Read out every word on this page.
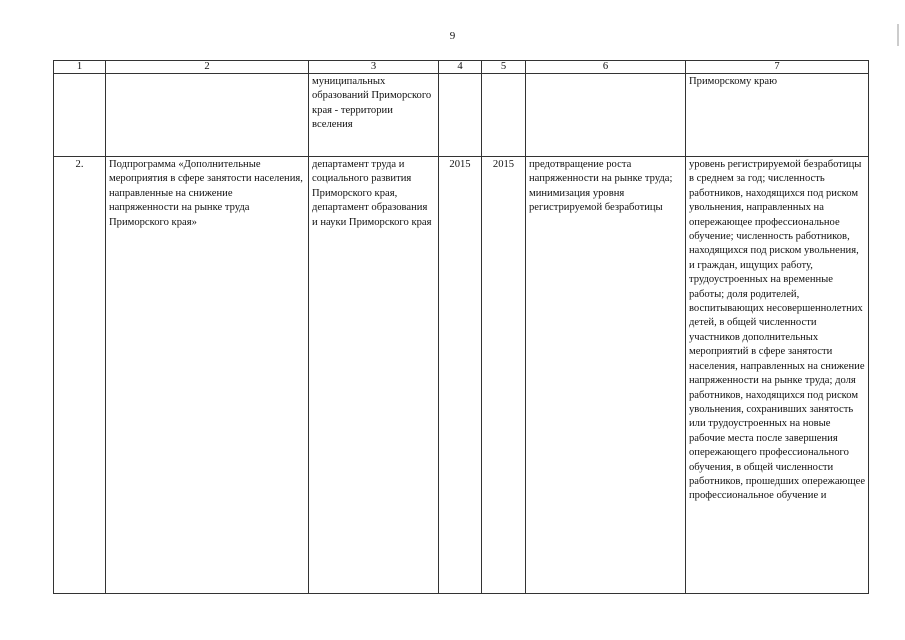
9
1	2	3	4	5	6	7
		муниципальных образований Приморского края - территории вселения				Приморскому краю
2.	Подпрограмма «Дополнительные мероприятия в сфере занятости населения, направленные на снижение напряженности на рынке труда Приморского края»	департамент труда и социального развития Приморского края, департамент образования и науки Приморского края	2015	2015	предотвращение роста напряженности на рынке труда; минимизация уровня регистрируемой безработицы	уровень регистрируемой безработицы в среднем за год; численность работников, находящихся под риском увольнения, направленных на опережающее профессиональное обучение; численность работников, находящихся под риском увольнения, и граждан, ищущих работу, трудоустроенных на временные работы; доля родителей, воспитывающих несовершеннолетних детей, в общей численности участников дополнительных мероприятий в сфере занятости населения, направленных на снижение напряженности на рынке труда; доля работников, находящихся под риском увольнения, сохранивших занятость или трудоустроенных на новые рабочие места после завершения опережающего профессионального обучения, в общей численности работников, прошедших опережающее профессиональное обучение и
